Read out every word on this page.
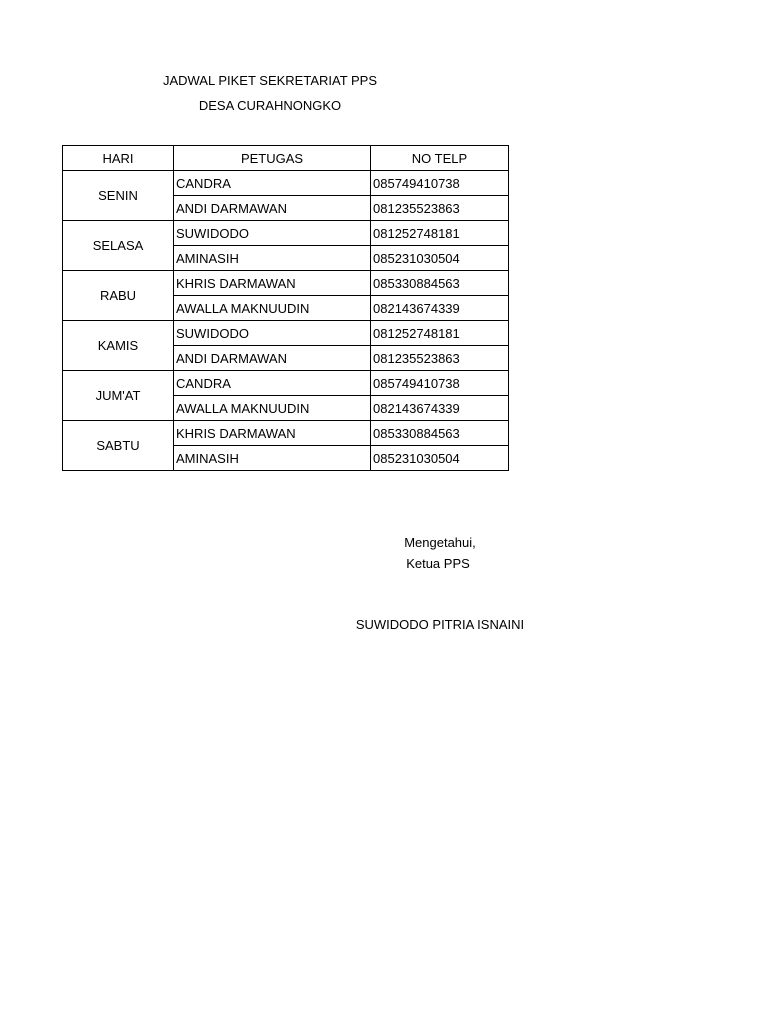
JADWAL PIKET SEKRETARIAT PPS
DESA CURAHNONGKO
HARI	PETUGAS	NO TELP
SENIN	CANDRA	085749410738
	ANDI DARMAWAN	081235523863
SELASA	SUWIDODO	081252748181
	AMINASIH	085231030504
RABU	KHRIS DARMAWAN	085330884563
	AWALLA MAKNUUDIN	082143674339
KAMIS	SUWIDODO	081252748181
	ANDI DARMAWAN	081235523863
JUM'AT	CANDRA	085749410738
	AWALLA MAKNUUDIN	082143674339
SABTU	KHRIS DARMAWAN	085330884563
	AMINASIH	085231030504
Mengetahui,
Ketua PPS
SUWIDODO PITRIA ISNAINI
